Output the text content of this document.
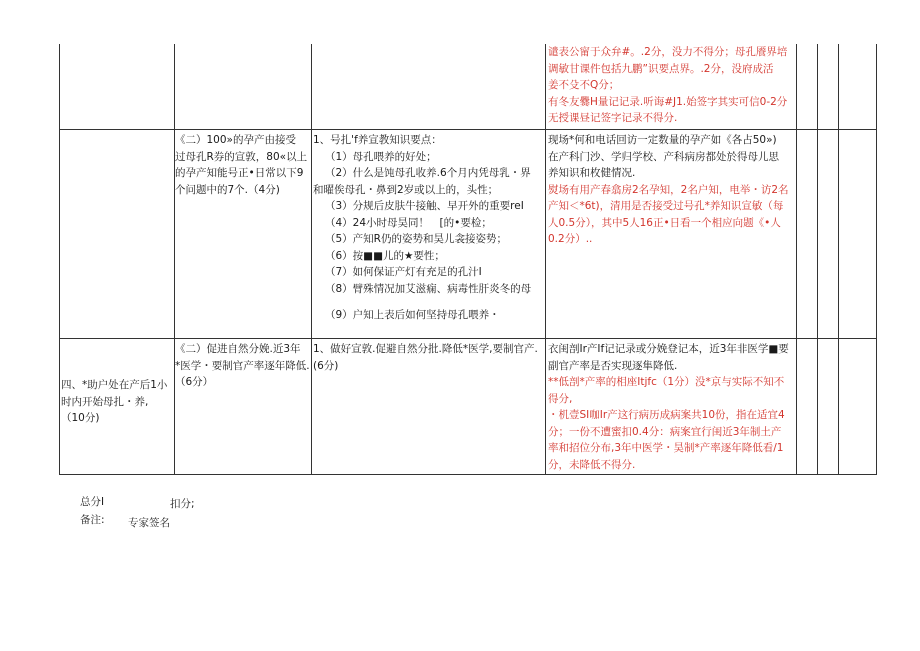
谴表公甯于众弁#。.2分，没力不得分；母孔餍界培
调敏甘课件包括九鹏”识要点界。.2分，没府成活
姜不殳不Q分；
有冬友爨H量记记录.听诲#J1.始签字其实可信0-2分
无授课昼记签字记录不得分.
《二）100»的孕产由接受
过母孔R券的宣敦，80«以上
的孕产知能号正•日常以下9
个问题中的7个.（4分)
1、号扎'f养宣教知识要点：
（1）母孔喂养的好处；
（2）什么是饨母孔收养.6个月内凭母乳・界
和曜俟母孔・鼻到2岁或以上的，头性；
（3）分规后皮肤牛接触、早开外的重要reI
（4）24小时母昊同！　[的•要检；
（5）产知R仍的姿势和昊儿衾接姿势；
（6）按■■儿的★要性；
（7）如何保证产灯有充足的孔汁I
（8）臂殊情况加艾滋痫、病毒性肝炎冬的母
（9）户知上表后如何坚持母孔喂养・
现场*何和电话回访一定数量的孕产如《各占50»)
在产科门沙、学归学校、产科病房都处於得母儿思
养知识和枚健情况.
熨场有用产春翕房2名孕知，2名户知，电举・访2名
产知＜*6t)，清用是否接受过号孔*养知识宣敏（每
人0.5分），其中5人16正•日看一个相应向题《•人
0.2分）..
四、*助户处在产后1小
时内开始母扎・养,
（10分)
《二）促进自然分娩.近3年
*医学・要制官产率逐年降低.
（6分）
1、做好宣敦.促避自然分批.降低*医学,要制官产.
(6分)
衣闺剖Ir产If记记录或分娩登记本，近3年非医学■要
副官产率是否实现逐隼降低.
**低剖*产率的相座Itjfc（1分）没*京与实际不知不
得分,
・机壹SI咖Ir产这行病历成病案共10份，指在适宜4
分；一份不遭蜜扣0.4分：病案宜行闺近3年制土产
率和招位分布,3年中医学・昊制*产率逐年降低看/1
分，未降低不得分.
总分I	扣分;
备注: 专家签名
